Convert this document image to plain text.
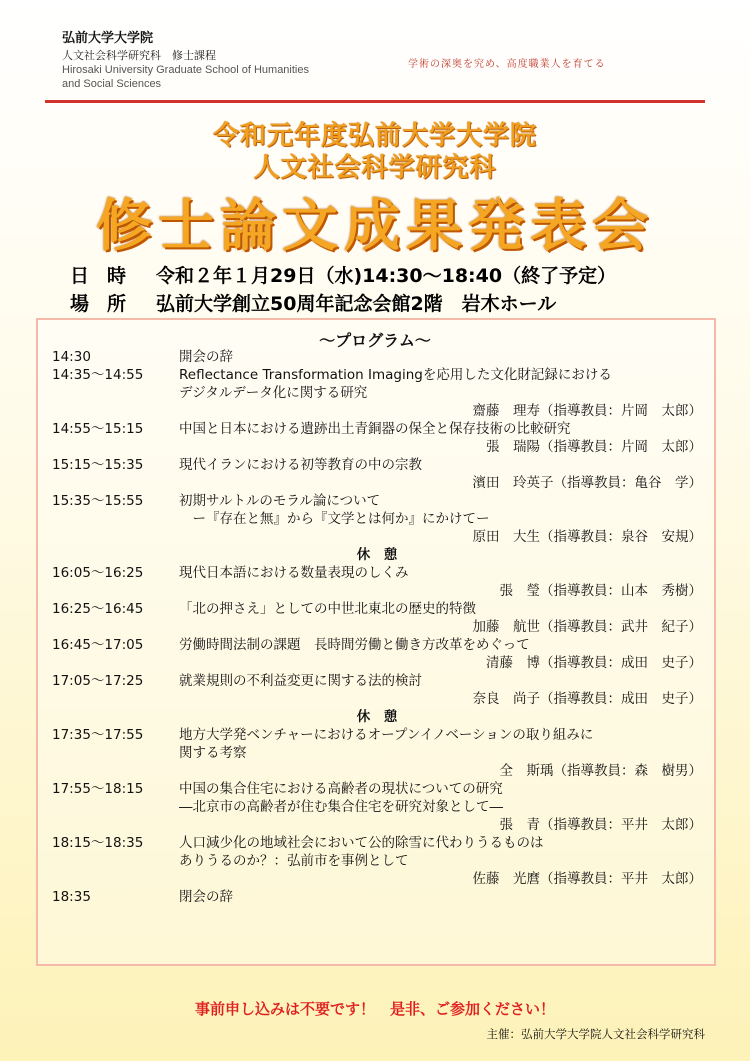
弘前大学大学院
人文社会科学研究科　修士課程
Hirosaki University Graduate School of Humanities
and Social Sciences
学術の深奥を究め、高度職業人を育てる
令和元年度弘前大学大学院
人文社会科学研究科
修士論文成果発表会
日時 令和２年１月29日（水)14:30～18:40（終了予定）
場所 弘前大学創立50周年記念会館2階　岩木ホール
～プログラム～
14:30	開会の辞
14:35～14:55	Reflectance Transformation Imagingを応用した文化財記録における
デジタルデータ化に関する研究
齋藤　理寿（指導教員：片岡　太郎）
14:55～15:15	中国と日本における遺跡出土青銅器の保全と保存技術の比較研究
張　瑞陽（指導教員：片岡　太郎）
15:15～15:35	現代イランにおける初等教育の中の宗教
濱田　玲英子（指導教員：亀谷　学）
15:35～15:55	初期サルトルのモラル論について
　ー『存在と無』から『文学とは何か』にかけてー
原田　大生（指導教員：泉谷　安規）
休　憩
16:05～16:25	現代日本語における数量表現のしくみ
張　瑩（指導教員：山本　秀樹）
16:25～16:45	「北の押さえ」としての中世北東北の歴史的特徴
加藤　航世（指導教員：武井　紀子）
16:45～17:05	労働時間法制の課題　長時間労働と働き方改革をめぐって
清藤　博（指導教員：成田　史子）
17:05～17:25	就業規則の不利益変更に関する法的検討
奈良　尚子（指導教員：成田　史子）
休　憩
17:35～17:55	地方大学発ベンチャーにおけるオープンイノベーションの取り組みに
関する考察
全　斯瑀（指導教員：森　樹男）
17:55～18:15	中国の集合住宅における高齢者の現状についての研究
―北京市の高齢者が住む集合住宅を研究対象として―
張　青（指導教員：平井　太郎）
18:15～18:35	人口減少化の地域社会において公的除雪に代わりうるものは
ありうるのか？：弘前市を事例として
佐藤　光麿（指導教員：平井　太郎）
18:35	閉会の辞
事前申し込みは不要です！　是非、ご参加ください！
主催：弘前大学大学院人文社会科学研究科
